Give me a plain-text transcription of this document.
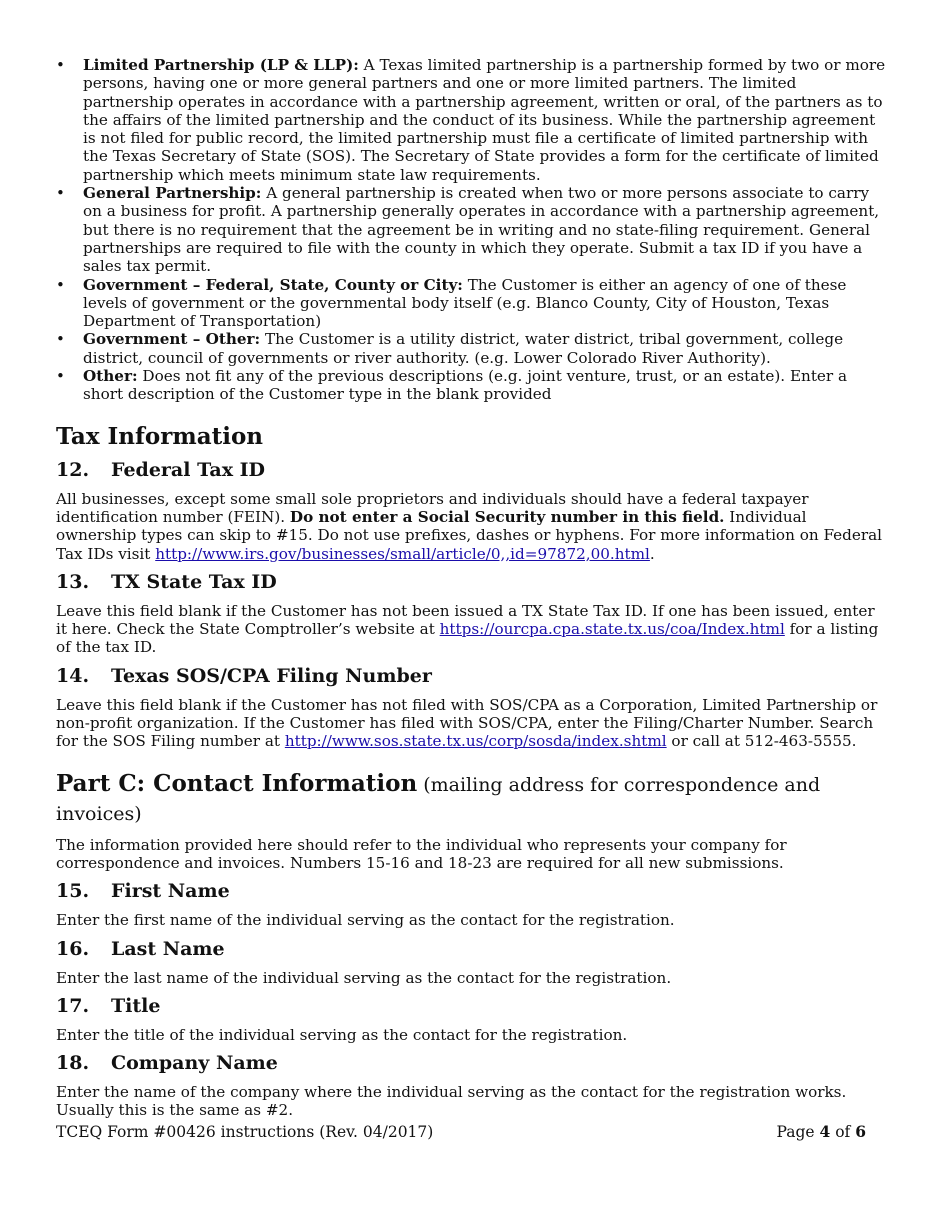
• Limited Partnership (LP & LLP): A Texas limited partnership is a partnership formed by two or more persons, having one or more general partners and one or more limited partners. The limited partnership operates in accordance with a partnership agreement, written or oral, of the partners as to the affairs of the limited partnership and the conduct of its business. While the partnership agreement is not filed for public record, the limited partnership must file a certificate of limited partnership with the Texas Secretary of State (SOS). The Secretary of State provides a form for the certificate of limited partnership which meets minimum state law requirements.
• General Partnership: A general partnership is created when two or more persons associate to carry on a business for profit. A partnership generally operates in accordance with a partnership agreement, but there is no requirement that the agreement be in writing and no state-filing requirement. General partnerships are required to file with the county in which they operate. Submit a tax ID if you have a sales tax permit.
• Government – Federal, State, County or City: The Customer is either an agency of one of these levels of government or the governmental body itself (e.g. Blanco County, City of Houston, Texas Department of Transportation)
• Government – Other: The Customer is a utility district, water district, tribal government, college district, council of governments or river authority. (e.g. Lower Colorado River Authority).
• Other: Does not fit any of the previous descriptions (e.g. joint venture, trust, or an estate). Enter a short description of the Customer type in the blank provided
Tax Information
12.	Federal Tax ID

All businesses, except some small sole proprietors and individuals should have a federal taxpayer identification number (FEIN). Do not enter a Social Security number in this field. Individual ownership types can skip to #15. Do not use prefixes, dashes or hyphens. For more information on Federal Tax IDs visit http://www.irs.gov/businesses/small/article/0,,id=97872,00.html.

13.	TX State Tax ID

Leave this field blank if the Customer has not been issued a TX State Tax ID. If one has been issued, enter it here. Check the State Comptroller’s website at https://ourcpa.cpa.state.tx.us/coa/Index.html for a listing of the tax ID.

14.	Texas SOS/CPA Filing Number

Leave this field blank if the Customer has not filed with SOS/CPA as a Corporation, Limited Partnership or non-profit organization. If the Customer has filed with SOS/CPA, enter the Filing/Charter Number. Search for the SOS Filing number at http://www.sos.state.tx.us/corp/sosda/index.shtml or call at 512-463-5555.

Part C: Contact Information (mailing address for correspondence and invoices)

The information provided here should refer to the individual who represents your company for correspondence and invoices. Numbers 15-16 and 18-23 are required for all new submissions.

15.	First Name

Enter the first name of the individual serving as the contact for the registration.

16.	Last Name

Enter the last name of the individual serving as the contact for the registration.

17.	Title

Enter the title of the individual serving as the contact for the registration.

18.	Company Name

Enter the name of the company where the individual serving as the contact for the registration works. Usually this is the same as #2.

TCEQ Form #00426 instructions (Rev. 04/2017)	Page 4 of 6
